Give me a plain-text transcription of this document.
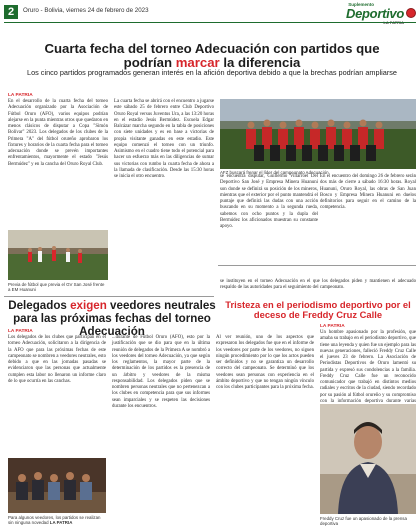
2	Oruro - Bolivia, viernes 24 de febrero de 2023
Suplemento
Deportivo
Cuarta fecha del torneo Adecuación con partidos que podrían marcar la diferencia
Los cinco partidos programados generan interés en la afición deportiva debido a que la brechas podrían ampliarse
LA PATRIA

En el desarrollo de la cuarta fecha del torneo Adecuación organizado por la Asociación de Fútbol Oruro (AFO), varios equipos podrían alejarse en la punta mientras otros que quedaron en menos clásicos de disputar a Copa "Simón Bolívar" 2023. Los delegados de los clubes de la Primera "A" del fútbol orureño aprobaron los fixtures y horarios de la cuarta fecha para el torneo adecuación donde se prevén importantes enfrentamientos, mayormente el estado "Jesús Bermúdez" y en la cancha del Oruro Royal Club.

La cuarta fecha se abrirá con el encuentro a jugarse este sábado 25 de febrero entre Club Deportivo Oruro Royal versus Juventus Ura, a las 13:20 horas en el estadio Jesús Bermúdez. Escuela Edgar Balcázar marcha segundo en la tabla de posiciones con siete unidades y es en base a victorias de propia visitante ganadas en este estadio. Este equipo comenzó el torneo con un triunfo. Asimismo en el cuadro tiene todo el potencial para hacer un esfuerzo más en las diligencias de sumar sus victorias con rumbo la cuarta fecha de ahora a la llamada de clasificación. Desde las 15:30 horas se inicia el otro encuentro.

Previa de fútbol que previa el GV San José frente a EM Huanuni
AFZ buscará frenar el líder del campeonato Adecuación

se encuentra disputar, Guillermo Villarroel Del Deportivo San José y Empresa Minera Huanuni son donde se definirá su posición de los mineros, mientras que el exterior por el punto mantendrá el puntaje que definirá las dudas con una acción buscando en su momento a la segunda rueda, sabemos con ocho puntos y la dupla del Bermúdez los aficionados muestran su constante apoyo.

En el encuentro del domingo 26 de febrero serán dos más de cierre a sábado 16:30 horas. Royal Huanuni, Oruro Royal, las obras de San Juan Bosco y Empresa Minera Huanuni en duelos definitorios para seguir en el camino de la competencia.

se instituyen en el torneo Adecuación en el que los delegados piden y mantienen el adecuado respaldo de las autoridades para el seguimiento del campeonato.

Tristeza en el periodismo deportivo por el deceso de Freddy Cruz Calle
LA PATRIA

Un hombre apasionado por la profesión, que amaba su trabajo en el periodismo deportivo, que tiene una leyenda y quien fue un ejemplo para las nuevas generaciones, falleció Freddy Cruz Calle el jueves 23 de febrero. La Asociación de Periodistas Deportivos de Oruro lamentó su partida y expresó sus condolencias a la familia. Freddy Cruz Calle fue un reconocido comunicador que trabajó en distintos medios radiales y escritos de la ciudad, siendo recordado por su pasión al fútbol orureño y su compromiso con la información deportiva durante varias

Freddy Cruz fue un apasionado de la prensa deportiva
Delegados exigen veedores neutrales para las próximas fechas del torneo Adecuación
LA PATRIA

Los delegados de los clubes que participan en el torneo Adecuación, solicitaron a la dirigencia de la AFO que para las próximas fechas de este campeonato se nombren a veedores neutrales, esto debido a que en las jornadas pasadas se evidenciaron que las personas que actualmente cumplen esta labor no llenaron un informe claro de lo que ocurría en las canchas.

...durante de Fútbol Oruro (AFO), esto por la justificación que se dio para que en la última reunión de delegados de la Primera A se nombró a los veedores del torneo Adecuación, ya que según los reglamentos, la mayor parte de la determinación de los partidos es la presencia de un árbitro y veedores de la misma responsabilidad. Los delegados piden que se nombren personas neutrales que no pertenezcan a los clubes en competencia para que sus informes sean imparciales y se respeten las decisiones durante los encuentros.

Al ver reunión, uno de los aspectos que expresaron los delegados fue que en el informe de los veedores por parte de los veedores, no siguen ningún procedimiento por lo que los actos pueden ser definidos y no se garantiza un desarrollo correcto del campeonato. Se determinó que los veedores sean personas con experiencia en el ámbito deportivo y que no tengan ningún vínculo con los clubes participantes para la próxima fecha.

Para algunos veedores, los partidos se realizan sin ninguna novedad LA PATRIA
